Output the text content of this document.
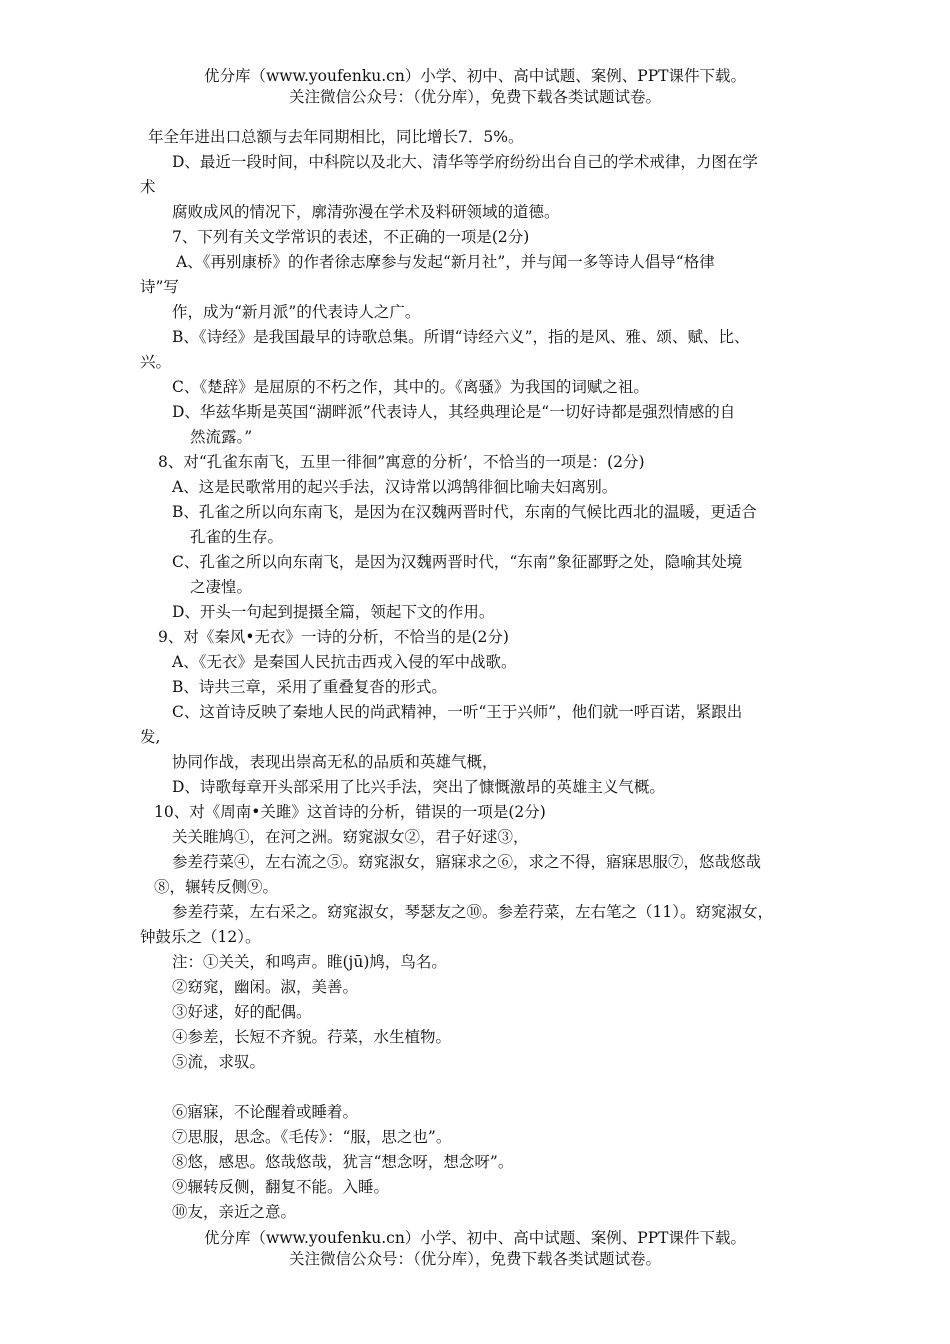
优分库（www.youfenku.cn）小学、初中、高中试题、案例、PPT课件下载。
关注微信公众号：（优分库），免费下载各类试题试卷。
年全年进出口总额与去年同期相比，同比增长7．5%。
D、最近一段时间，中科院以及北大、清华等学府纷纷出台自己的学术戒律，力图在学
术
腐败成风的情况下，廓清弥漫在学术及料研领域的道德。
7、下列有关文学常识的表述，不正确的一项是(2分)
A、《再别康桥》的作者徐志摩参与发起“新月社”，并与闻一多等诗人倡导“格律
诗”写
作，成为“新月派”的代表诗人之广。
B、《诗经》是我国最早的诗歌总集。所谓“诗经六义”，指的是风、雅、颂、赋、比、
兴。
C、《楚辞》是屈原的不朽之作，其中的。《离骚》为我国的词赋之祖。
D、华兹华斯是英国“湖畔派”代表诗人，其经典理论是“一切好诗都是强烈情感的自
然流露。”
8、对“孔雀东南飞，五里一徘徊”寓意的分析’，不恰当的一项是：(2分)
A、这是民歌常用的起兴手法，汉诗常以鸿鹄徘徊比喻夫妇离别。
B、孔雀之所以向东南飞，是因为在汉魏两晋时代，东南的气候比西北的温暖，更适合
孔雀的生存。
C、孔雀之所以向东南飞，是因为汉魏两晋时代，“东南”象征鄙野之处，隐喻其处境
之凄惶。
D、开头一句起到提摄全篇，领起下文的作用。
9、对《秦风•无衣》一诗的分析，不恰当的是(2分)
A、《无衣》是秦国人民抗击西戎入侵的军中战歌。
B、诗共三章，采用了重叠复沓的形式。
C、这首诗反映了秦地人民的尚武精神，一听“王于兴师”，他们就一呼百诺，紧跟出
发,
协同作战，表现出崇高无私的品质和英雄气概，
D、诗歌每章开头部采用了比兴手法，突出了慷慨激昂的英雄主义气概。
10、对《周南•关雎》这首诗的分析，错误的一项是(2分)
关关睢鸠①，在河之洲。窈窕淑女②，君子好逑③，
参差荇菜④，左右流之⑤。窈窕淑女，寤寐求之⑥，求之不得，寤寐思服⑦，悠哉悠哉
⑧，辗转反侧⑨。
参差荇菜，左右采之。窈窕淑女，琴瑟友之⑩。参差荇菜，左右笔之（11）。窈窕淑女，
钟鼓乐之（12）。
注：①关关，和鸣声。睢(jū)鸠，鸟名。
②窈窕，幽闲。淑，美善。
③好逑，好的配偶。
④参差，长短不齐貌。荇菜，水生植物。
⑤流，求驭。
⑥寤寐，不论醒着或睡着。
⑦思服，思念。《毛传》：“服，思之也”。
⑧悠，感思。悠哉悠哉，犹言“想念呀，想念呀”。
⑨辗转反侧，翻复不能。入睡。
⑩友，亲近之意。
优分库（www.youfenku.cn）小学、初中、高中试题、案例、PPT课件下载。
关注微信公众号：（优分库），免费下载各类试题试卷。
